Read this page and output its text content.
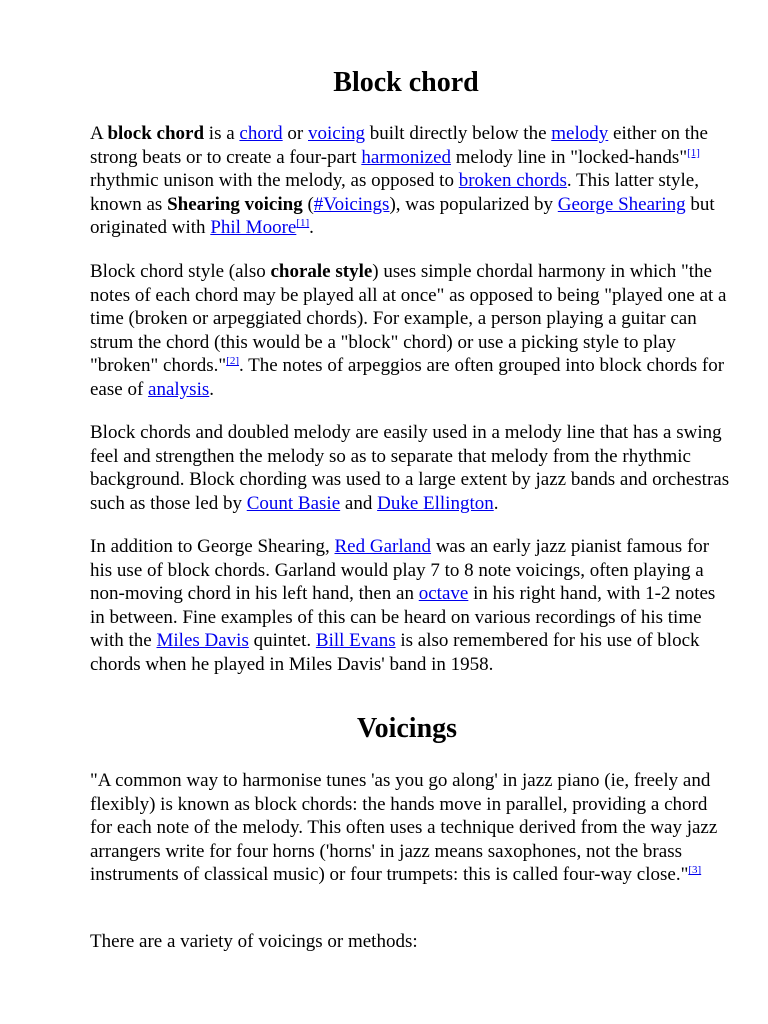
Block chord

A block chord is a chord or voicing built directly below the melody either on the strong beats or to create a four-part harmonized melody line in "locked-hands"[1] rhythmic unison with the melody, as opposed to broken chords. This latter style, known as Shearing voicing (#Voicings), was popularized by George Shearing but originated with Phil Moore[1].

Block chord style (also chorale style) uses simple chordal harmony in which "the notes of each chord may be played all at once" as opposed to being "played one at a time (broken or arpeggiated chords). For example, a person playing a guitar can strum the chord (this would be a "block" chord) or use a picking style to play "broken" chords."[2]. The notes of arpeggios are often grouped into block chords for ease of analysis.

Block chords and doubled melody are easily used in a melody line that has a swing feel and strengthen the melody so as to separate that melody from the rhythmic background. Block chording was used to a large extent by jazz bands and orchestras such as those led by Count Basie and Duke Ellington.

In addition to George Shearing, Red Garland was an early jazz pianist famous for his use of block chords. Garland would play 7 to 8 note voicings, often playing a non-moving chord in his left hand, then an octave in his right hand, with 1-2 notes in between. Fine examples of this can be heard on various recordings of his time with the Miles Davis quintet. Bill Evans is also remembered for his use of block chords when he played in Miles Davis' band in 1958.

Voicings

"A common way to harmonise tunes 'as you go along' in jazz piano (ie, freely and flexibly) is known as block chords: the hands move in parallel, providing a chord for each note of the melody. This often uses a technique derived from the way jazz arrangers write for four horns ('horns' in jazz means saxophones, not the brass instruments of classical music) or four trumpets: this is called four-way close."[3]

There are a variety of voicings or methods:
